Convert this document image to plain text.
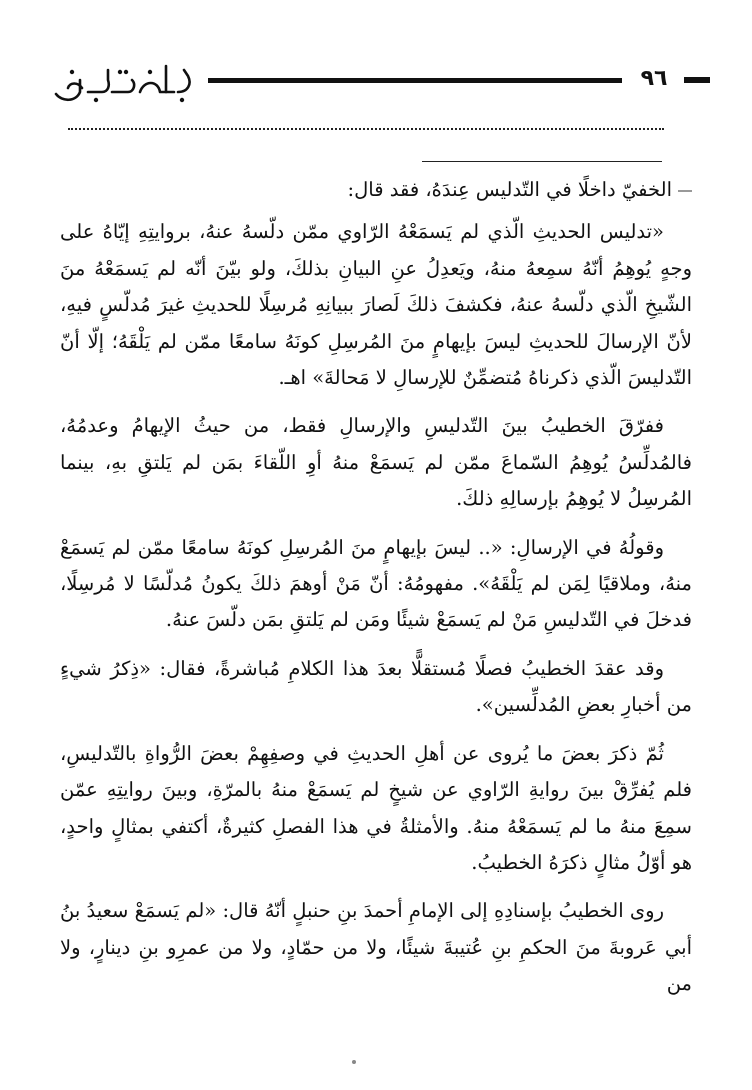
نزهة النظر	٩٦

الخفيّ داخلًا في التّدليس عِندَهُ، فقد قال:

«تدليس الحديثِ الّذي لم يَسمَعْهُ الرّاوي ممّن دلّسهُ عنهُ، بروايتِهِ إيّاهُ على وجهٍ يُوهِمُ أنّهُ سمِعهُ منهُ، ويَعدِلُ عنِ البيانِ بذلكَ، ولو بيّنَ أنّه لم يَسمَعْهُ منَ الشّيخِ الّذي دلّسهُ عنهُ، فكشفَ ذلكَ لَصارَ ببيانِهِ مُرسِلًا للحديثِ غيرَ مُدلّسٍ فيهِ، لأنّ الإرسالَ للحديثِ ليسَ بإيهامٍ منَ المُرسِلِ كونَهُ سامعًا ممّن لم يَلْقَهُ؛ إلّا أنّ التّدليسَ الّذي ذكرناهُ مُتضمِّنٌ للإرسالِ لا مَحالةَ» اهـ.

ففرّقَ الخطيبُ بينَ التّدليسِ والإرسالِ فقط، من حيثُ الإيهامُ وعدمُهُ، فالمُدلِّسُ يُوهِمُ السّماعَ ممّن لم يَسمَعْ منهُ أوِ اللّقاءَ بمَن لم يَلتقِ بهِ، بينما المُرسِلُ لا يُوهِمُ بإرسالِهِ ذلكَ.

وقولُهُ في الإرسالِ: «.. ليسَ بإيهامٍ منَ المُرسِلِ كونَهُ سامعًا ممّن لم يَسمَعْ منهُ، وملاقيًا لِمَن لم يَلْقَهُ». مفهومُهُ: أنّ مَنْ أوهمَ ذلكَ يكونُ مُدلّسًا لا مُرسِلًا، فدخلَ في التّدليسِ مَنْ لم يَسمَعْ شيئًا ومَن لم يَلتقِ بمَن دلّسَ عنهُ.

وقد عقدَ الخطيبُ فصلًا مُستقلًّا بعدَ هذا الكلامِ مُباشرةً، فقال: «ذِكرُ شيءٍ من أخبارِ بعضِ المُدلِّسين».

ثُمّ ذكرَ بعضَ ما يُروى عن أهلِ الحديثِ في وصفِهِمْ بعضَ الرُّواةِ بالتّدليسِ، فلم يُفرِّقْ بينَ روايةِ الرّاوي عن شيخٍ لم يَسمَعْ منهُ بالمرّةِ، وبينَ روايتِهِ عمّن سمِعَ منهُ ما لم يَسمَعْهُ منهُ. والأمثلةُ في هذا الفصلِ كثيرةٌ، أكتفي بمثالٍ واحدٍ، هو أوّلُ مثالٍ ذكرَهُ الخطيبُ.

روى الخطيبُ بإسنادِهِ إلى الإمامِ أحمدَ بنِ حنبلٍ أنّهُ قال: «لم يَسمَعْ سعيدُ بنُ أبي عَروبةَ منَ الحكمِ بنِ عُتيبةَ شيئًا، ولا من حمّادٍ، ولا من عمرِو بنِ دينارٍ، ولا من
